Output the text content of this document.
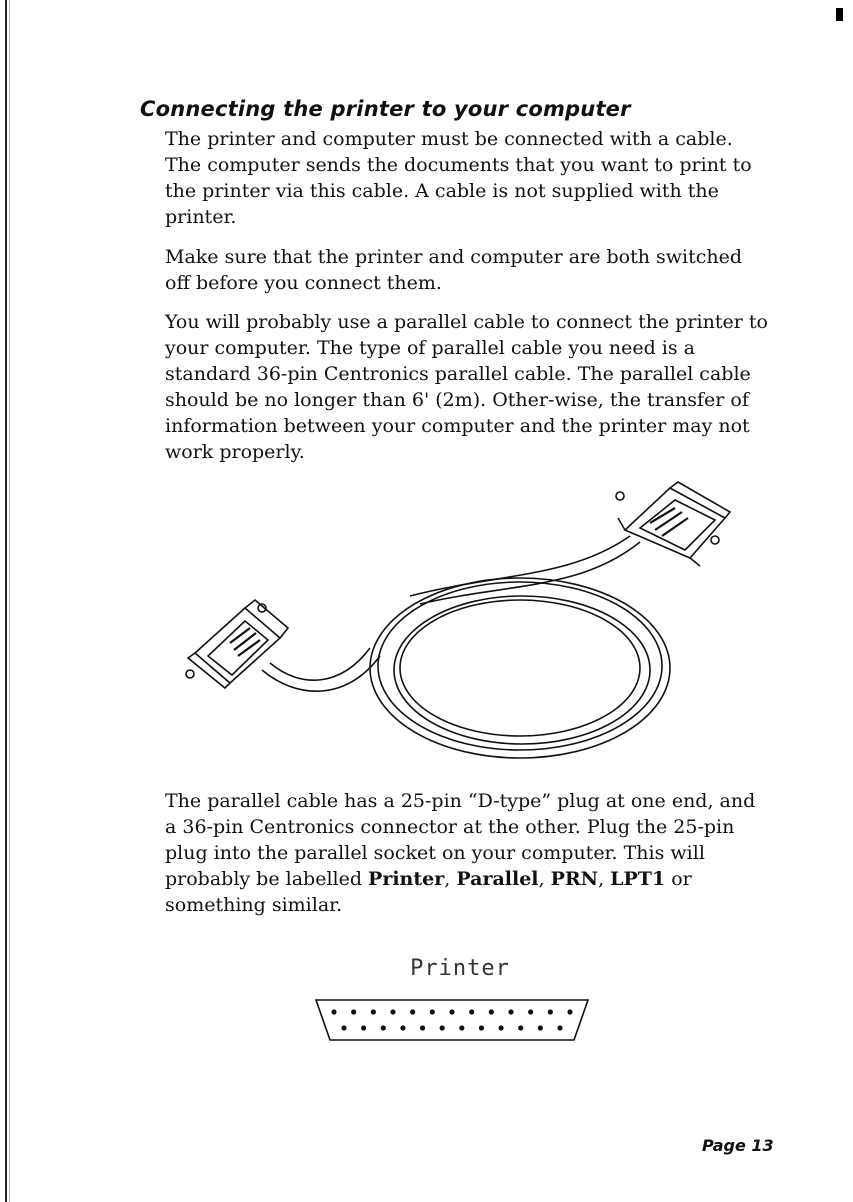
Connecting the printer to your computer

The printer and computer must be connected with a cable. The computer sends the documents that you want to print to the printer via this cable. A cable is not supplied with the printer.

Make sure that the printer and computer are both switched off before you connect them.

You will probably use a parallel cable to connect the printer to your computer. The type of parallel cable you need is a standard 36-pin Centronics parallel cable. The parallel cable should be no longer than 6' (2m). Other-wise, the transfer of information between your computer and the printer may not work properly.

The parallel cable has a 25-pin “D-type” plug at one end, and a 36-pin Centronics connector at the other. Plug the 25-pin plug into the parallel socket on your computer. This will probably be labelled Printer, Parallel, PRN, LPT1 or something similar.

Printer
Page 13
